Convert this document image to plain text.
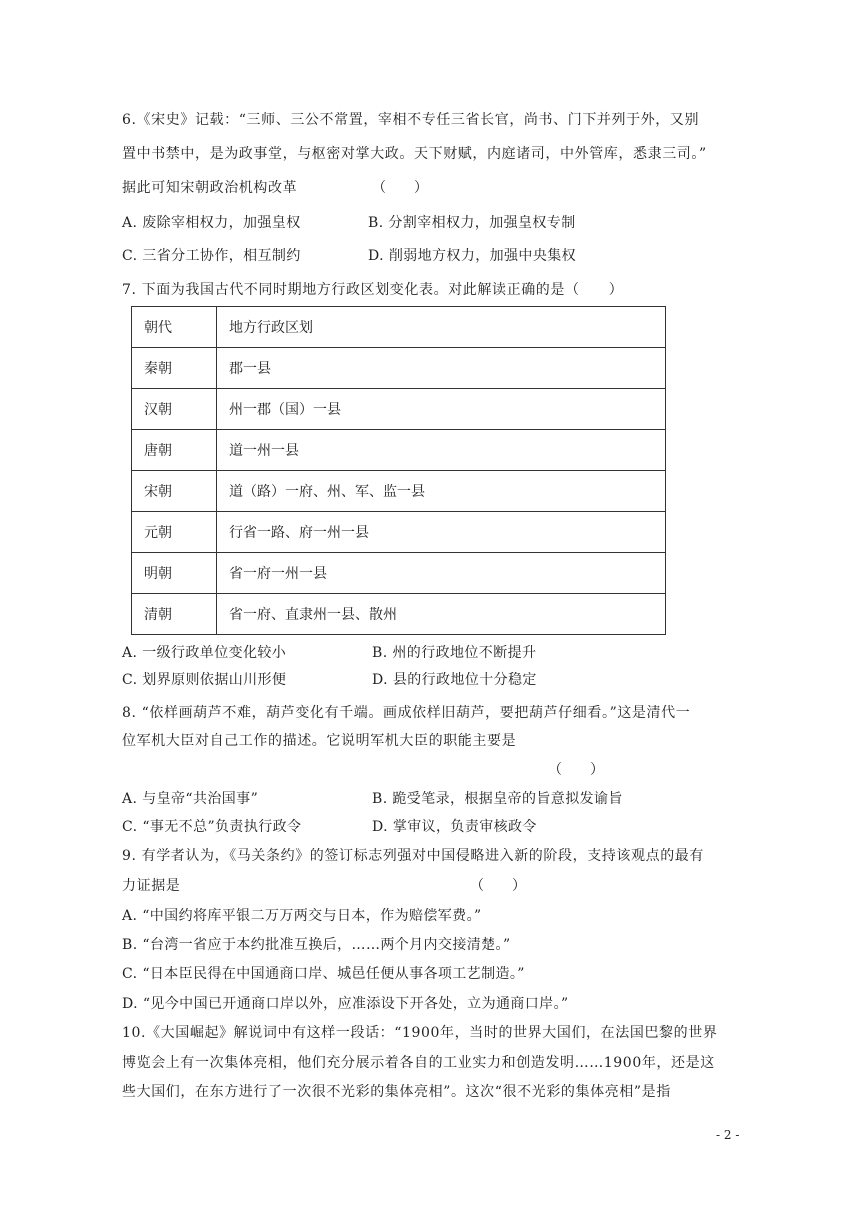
6.《宋史》记载：“三师、三公不常置，宰相不专任三省长官，尚书、门下并列于外，又别
置中书禁中，是为政事堂，与枢密对掌大政。天下财赋，内庭诸司，中外管库，悉隶三司。”
据此可知宋朝政治机构改革	（　　）
A. 废除宰相权力，加强皇权	B. 分割宰相权力，加强皇权专制
C. 三省分工协作，相互制约	D. 削弱地方权力，加强中央集权
7. 下面为我国古代不同时期地方行政区划变化表。对此解读正确的是（　　）
朝代	地方行政区划
秦朝	郡一县
汉朝	州一郡（国）一县
唐朝	道一州一县
宋朝	道（路）一府、州、军、监一县
元朝	行省一路、府一州一县
明朝	省一府一州一县
清朝	省一府、直隶州一县、散州
A. 一级行政单位变化较小	B. 州的行政地位不断提升
C. 划界原则依据山川形便	D. 县的行政地位十分稳定
8. “依样画葫芦不难，葫芦变化有千端。画成依样旧葫芦，要把葫芦仔细看。”这是清代一
位军机大臣对自己工作的描述。它说明军机大臣的职能主要是
（　　）
A. 与皇帝“共治国事”	B. 跪受笔录，根据皇帝的旨意拟发谕旨
C. “事无不总”负责执行政令	D. 掌审议，负责审核政令
9. 有学者认为，《马关条约》的签订标志列强对中国侵略进入新的阶段，支持该观点的最有
力证据是	（　　）
A. “中国约将库平银二万万两交与日本，作为赔偿军费。”
B. “台湾一省应于本约批准互换后，……两个月内交接清楚。”
C. “日本臣民得在中国通商口岸、城邑任便从事各项工艺制造。”
D. “见今中国已开通商口岸以外，应准添设下开各处，立为通商口岸。”
10.《大国崛起》解说词中有这样一段话：“1900年，当时的世界大国们，在法国巴黎的世界
博览会上有一次集体亮相，他们充分展示着各自的工业实力和创造发明……1900年，还是这
些大国们，在东方进行了一次很不光彩的集体亮相”。这次“很不光彩的集体亮相”是指
- 2 -
